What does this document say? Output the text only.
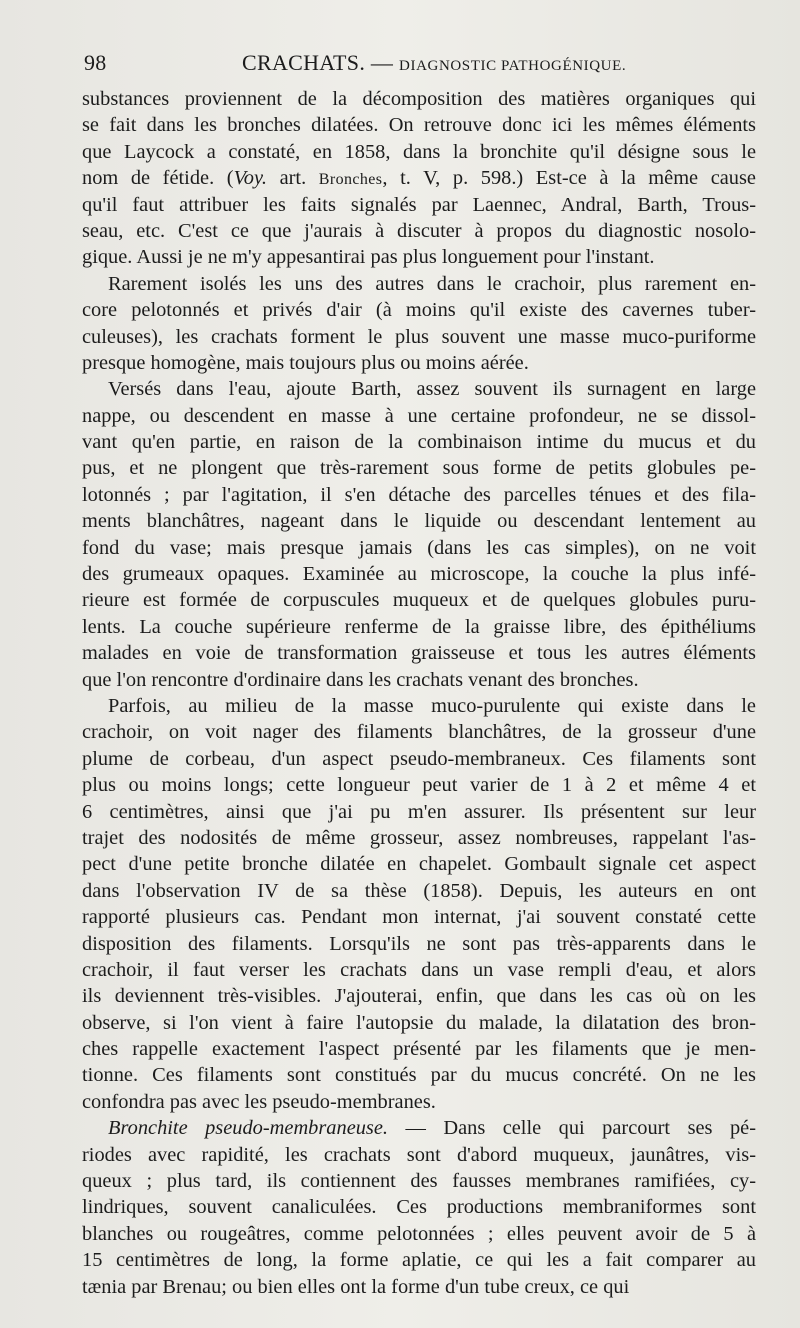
98	CRACHATS. — DIAGNOSTIC PATHOGÉNIQUE.
substances proviennent de la décomposition des matières organiques qui
se fait dans les bronches dilatées. On retrouve donc ici les mêmes éléments
que Laycock a constaté, en 1858, dans la bronchite qu'il désigne sous le
nom de fétide. (Voy. art. Bronches, t. V, p. 598.) Est-ce à la même cause
qu'il faut attribuer les faits signalés par Laennec, Andral, Barth, Trous-
seau, etc. C'est ce que j'aurais à discuter à propos du diagnostic nosolo-
gique. Aussi je ne m'y appesantirai pas plus longuement pour l'instant.
Rarement isolés les uns des autres dans le crachoir, plus rarement en-
core pelotonnés et privés d'air (à moins qu'il existe des cavernes tuber-
culeuses), les crachats forment le plus souvent une masse muco-puriforme
presque homogène, mais toujours plus ou moins aérée.
Versés dans l'eau, ajoute Barth, assez souvent ils surnagent en large
nappe, ou descendent en masse à une certaine profondeur, ne se dissol-
vant qu'en partie, en raison de la combinaison intime du mucus et du
pus, et ne plongent que très-rarement sous forme de petits globules pe-
lotonnés ; par l'agitation, il s'en détache des parcelles ténues et des fila-
ments blanchâtres, nageant dans le liquide ou descendant lentement au
fond du vase; mais presque jamais (dans les cas simples), on ne voit
des grumeaux opaques. Examinée au microscope, la couche la plus infé-
rieure est formée de corpuscules muqueux et de quelques globules puru-
lents. La couche supérieure renferme de la graisse libre, des épithéliums
malades en voie de transformation graisseuse et tous les autres éléments
que l'on rencontre d'ordinaire dans les crachats venant des bronches.
Parfois, au milieu de la masse muco-purulente qui existe dans le
crachoir, on voit nager des filaments blanchâtres, de la grosseur d'une
plume de corbeau, d'un aspect pseudo-membraneux. Ces filaments sont
plus ou moins longs; cette longueur peut varier de 1 à 2 et même 4 et
6 centimètres, ainsi que j'ai pu m'en assurer. Ils présentent sur leur
trajet des nodosités de même grosseur, assez nombreuses, rappelant l'as-
pect d'une petite bronche dilatée en chapelet. Gombault signale cet aspect
dans l'observation IV de sa thèse (1858). Depuis, les auteurs en ont
rapporté plusieurs cas. Pendant mon internat, j'ai souvent constaté cette
disposition des filaments. Lorsqu'ils ne sont pas très-apparents dans le
crachoir, il faut verser les crachats dans un vase rempli d'eau, et alors
ils deviennent très-visibles. J'ajouterai, enfin, que dans les cas où on les
observe, si l'on vient à faire l'autopsie du malade, la dilatation des bron-
ches rappelle exactement l'aspect présenté par les filaments que je men-
tionne. Ces filaments sont constitués par du mucus concrété. On ne les
confondra pas avec les pseudo-membranes.
Bronchite pseudo-membraneuse. — Dans celle qui parcourt ses pé-
riodes avec rapidité, les crachats sont d'abord muqueux, jaunâtres, vis-
queux ; plus tard, ils contiennent des fausses membranes ramifiées, cy-
lindriques, souvent canaliculées. Ces productions membraniformes sont
blanches ou rougeâtres, comme pelotonnées ; elles peuvent avoir de 5 à
15 centimètres de long, la forme aplatie, ce qui les a fait comparer au
tænia par Brenau; ou bien elles ont la forme d'un tube creux, ce qui
